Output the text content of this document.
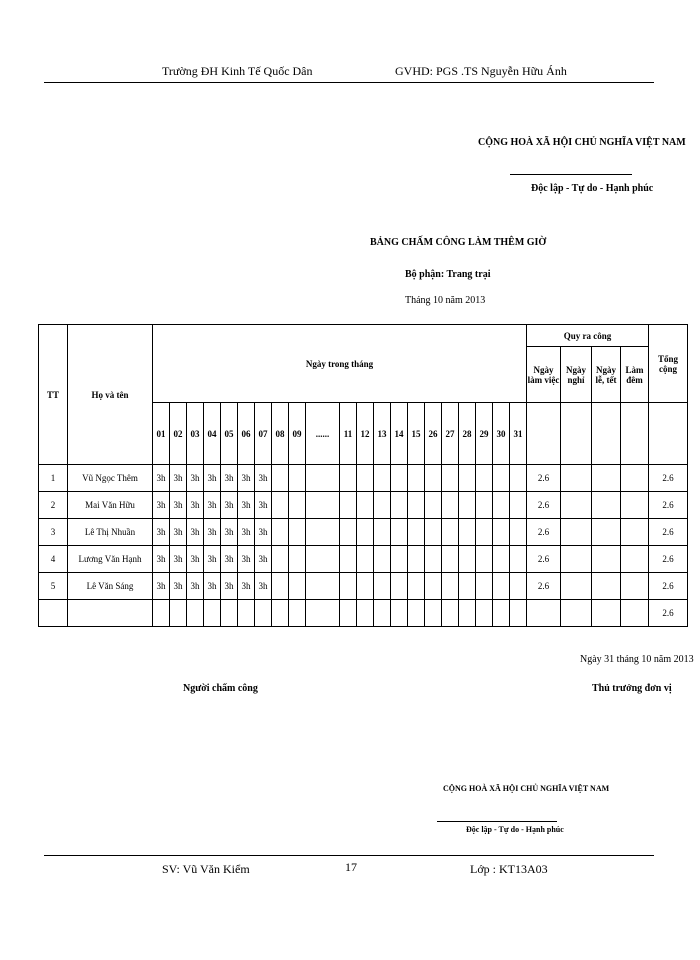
Trường ĐH Kinh Tế Quốc Dân	GVHD: PGS .TS Nguyễn Hữu Ánh
CỘNG HOÀ XÃ HỘI CHỦ NGHĨA VIỆT NAM
Độc lập - Tự do - Hạnh phúc
BẢNG CHẤM CÔNG LÀM THÊM GIỜ
Bộ phận: Trang trại
Tháng 10 năm 2013
TT	Họ và tên	Ngày trong tháng																					Quy ra công				Tổng cộng
																							Ngày làm việc	Ngày nghỉ	Ngày lễ, tết	Làm đêm	
		01	02	03	04	05	06	07	08	09	......	11	12	13	14	15	26	27	28	29	30	31					
1	Vũ Ngọc Thêm	3h	3h	3h	3h	3h	3h	3h															2.6				2.6
2	Mai Văn Hữu	3h	3h	3h	3h	3h	3h	3h															2.6				2.6
3	Lê Thị Nhuần	3h	3h	3h	3h	3h	3h	3h															2.6				2.6
4	Lương Văn Hạnh	3h	3h	3h	3h	3h	3h	3h															2.6				2.6
5	Lê Văn Sáng	3h	3h	3h	3h	3h	3h	3h															2.6				2.6
																											2.6
Ngày 31 tháng 10 năm 2013
Người chấm công	Thủ trưởng đơn vị
CỘNG HOÀ XÃ HỘI CHỦ NGHĨA VIỆT NAM
Độc lập - Tự do - Hạnh phúc
SV: Vũ Văn Kiểm	17	Lớp : KT13A03
